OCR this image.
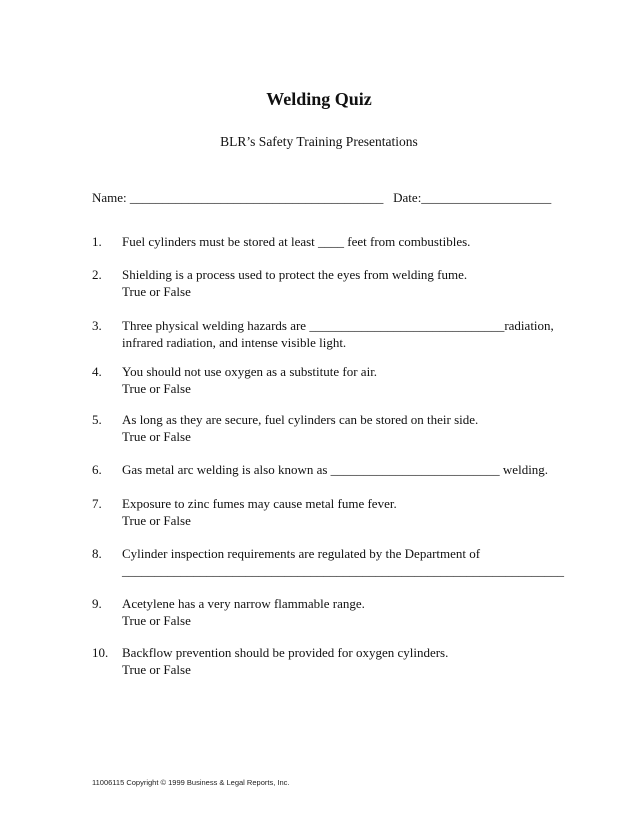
Welding Quiz
BLR’s Safety Training Presentations
Name: _______________________________________   Date:____________________
1.	Fuel cylinders must be stored at least ____ feet from combustibles.
2.	Shielding is a process used to protect the eyes from welding fume.
True or False
3.	Three physical welding hazards are ______________________________radiation,
infrared radiation, and intense visible light.
4.	You should not use oxygen as a substitute for air.
True or False
5.	As long as they are secure, fuel cylinders can be stored on their side.
True or False
6.	Gas metal arc welding is also known as __________________________ welding.
7.	Exposure to zinc fumes may cause metal fume fever.
True or False
8.	Cylinder inspection requirements are regulated by the Department of
____________________________________________________________________
9.	Acetylene has a very narrow flammable range.
True or False
10.	Backflow prevention should be provided for oxygen cylinders.
True or False
11006115 Copyright © 1999 Business & Legal Reports, Inc.
